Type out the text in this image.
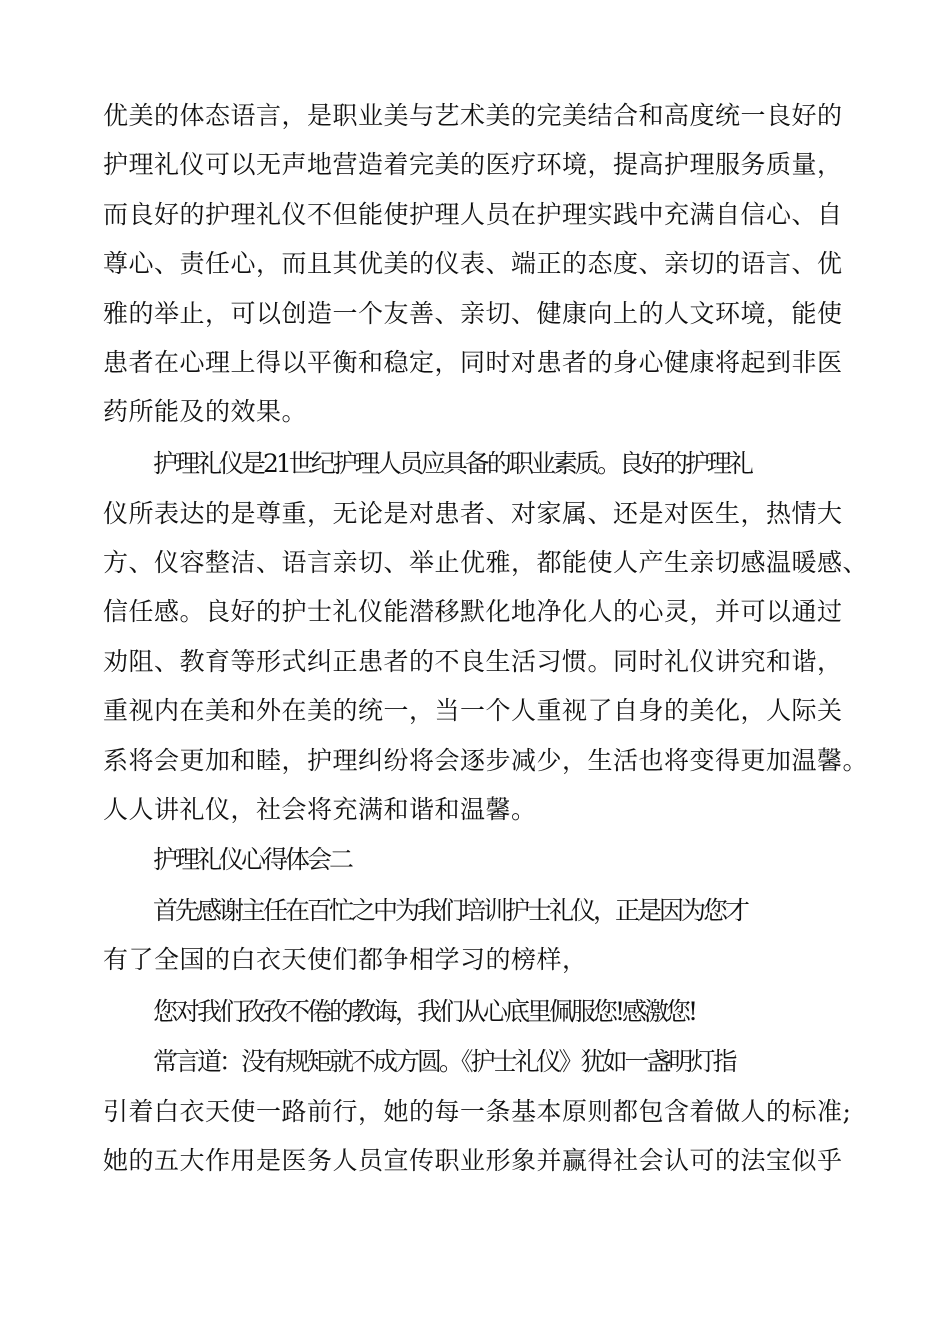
优美的体态语言，是职业美与艺术美的完美结合和高度统一良好的
护理礼仪可以无声地营造着完美的医疗环境，提高护理服务质量，
而良好的护理礼仪不但能使护理人员在护理实践中充满自信心、自
尊心、责任心，而且其优美的仪表、端正的态度、亲切的语言、优
雅的举止，可以创造一个友善、亲切、健康向上的人文环境，能使
患者在心理上得以平衡和稳定，同时对患者的身心健康将起到非医
药所能及的效果。
护理礼仪是21世纪护理人员应具备的职业素质。良好的护理礼
仪所表达的是尊重，无论是对患者、对家属、还是对医生，热情大
方、仪容整洁、语言亲切、举止优雅，都能使人产生亲切感温暖感、
信任感。良好的护士礼仪能潜移默化地净化人的心灵，并可以通过
劝阻、教育等形式纠正患者的不良生活习惯。同时礼仪讲究和谐，
重视内在美和外在美的统一，当一个人重视了自身的美化，人际关
系将会更加和睦，护理纠纷将会逐步减少，生活也将变得更加温馨。
人人讲礼仪，社会将充满和谐和温馨。
护理礼仪心得体会二
首先感谢主任在百忙之中为我们培训护士礼仪，正是因为您才
有了全国的白衣天使们都争相学习的榜样，
您对我们孜孜不倦的教诲，我们从心底里佩服您!感激您!
常言道：没有规矩就不成方圆。《护士礼仪》犹如一盏明灯指
引着白衣天使一路前行，她的每一条基本原则都包含着做人的标准;
她的五大作用是医务人员宣传职业形象并赢得社会认可的法宝似乎
